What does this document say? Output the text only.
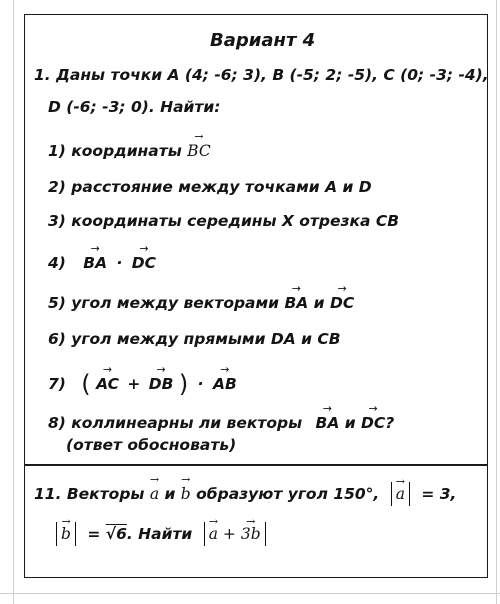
Вариант 4
1. Даны точки А (4; -6; 3), В (-5; 2; -5), С (0; -3; -4),
D (-6; -3; 0). Найти:
1) координаты → BC
2) расстояние между точками А и D
3) координаты середины Х отрезка СВ
4) → BA · → DC
5) угол между векторами → BA и → DC
6) угол между прямыми DA и СВ
7) ( → AC + → DB ) · → AB
8) коллинеарны ли векторы → BA и → DC?
(ответ обосновать)
11. Векторы → a и → b образуют угол 150°, → a = 3,
→ b = √6. Найти → a + → 3b
